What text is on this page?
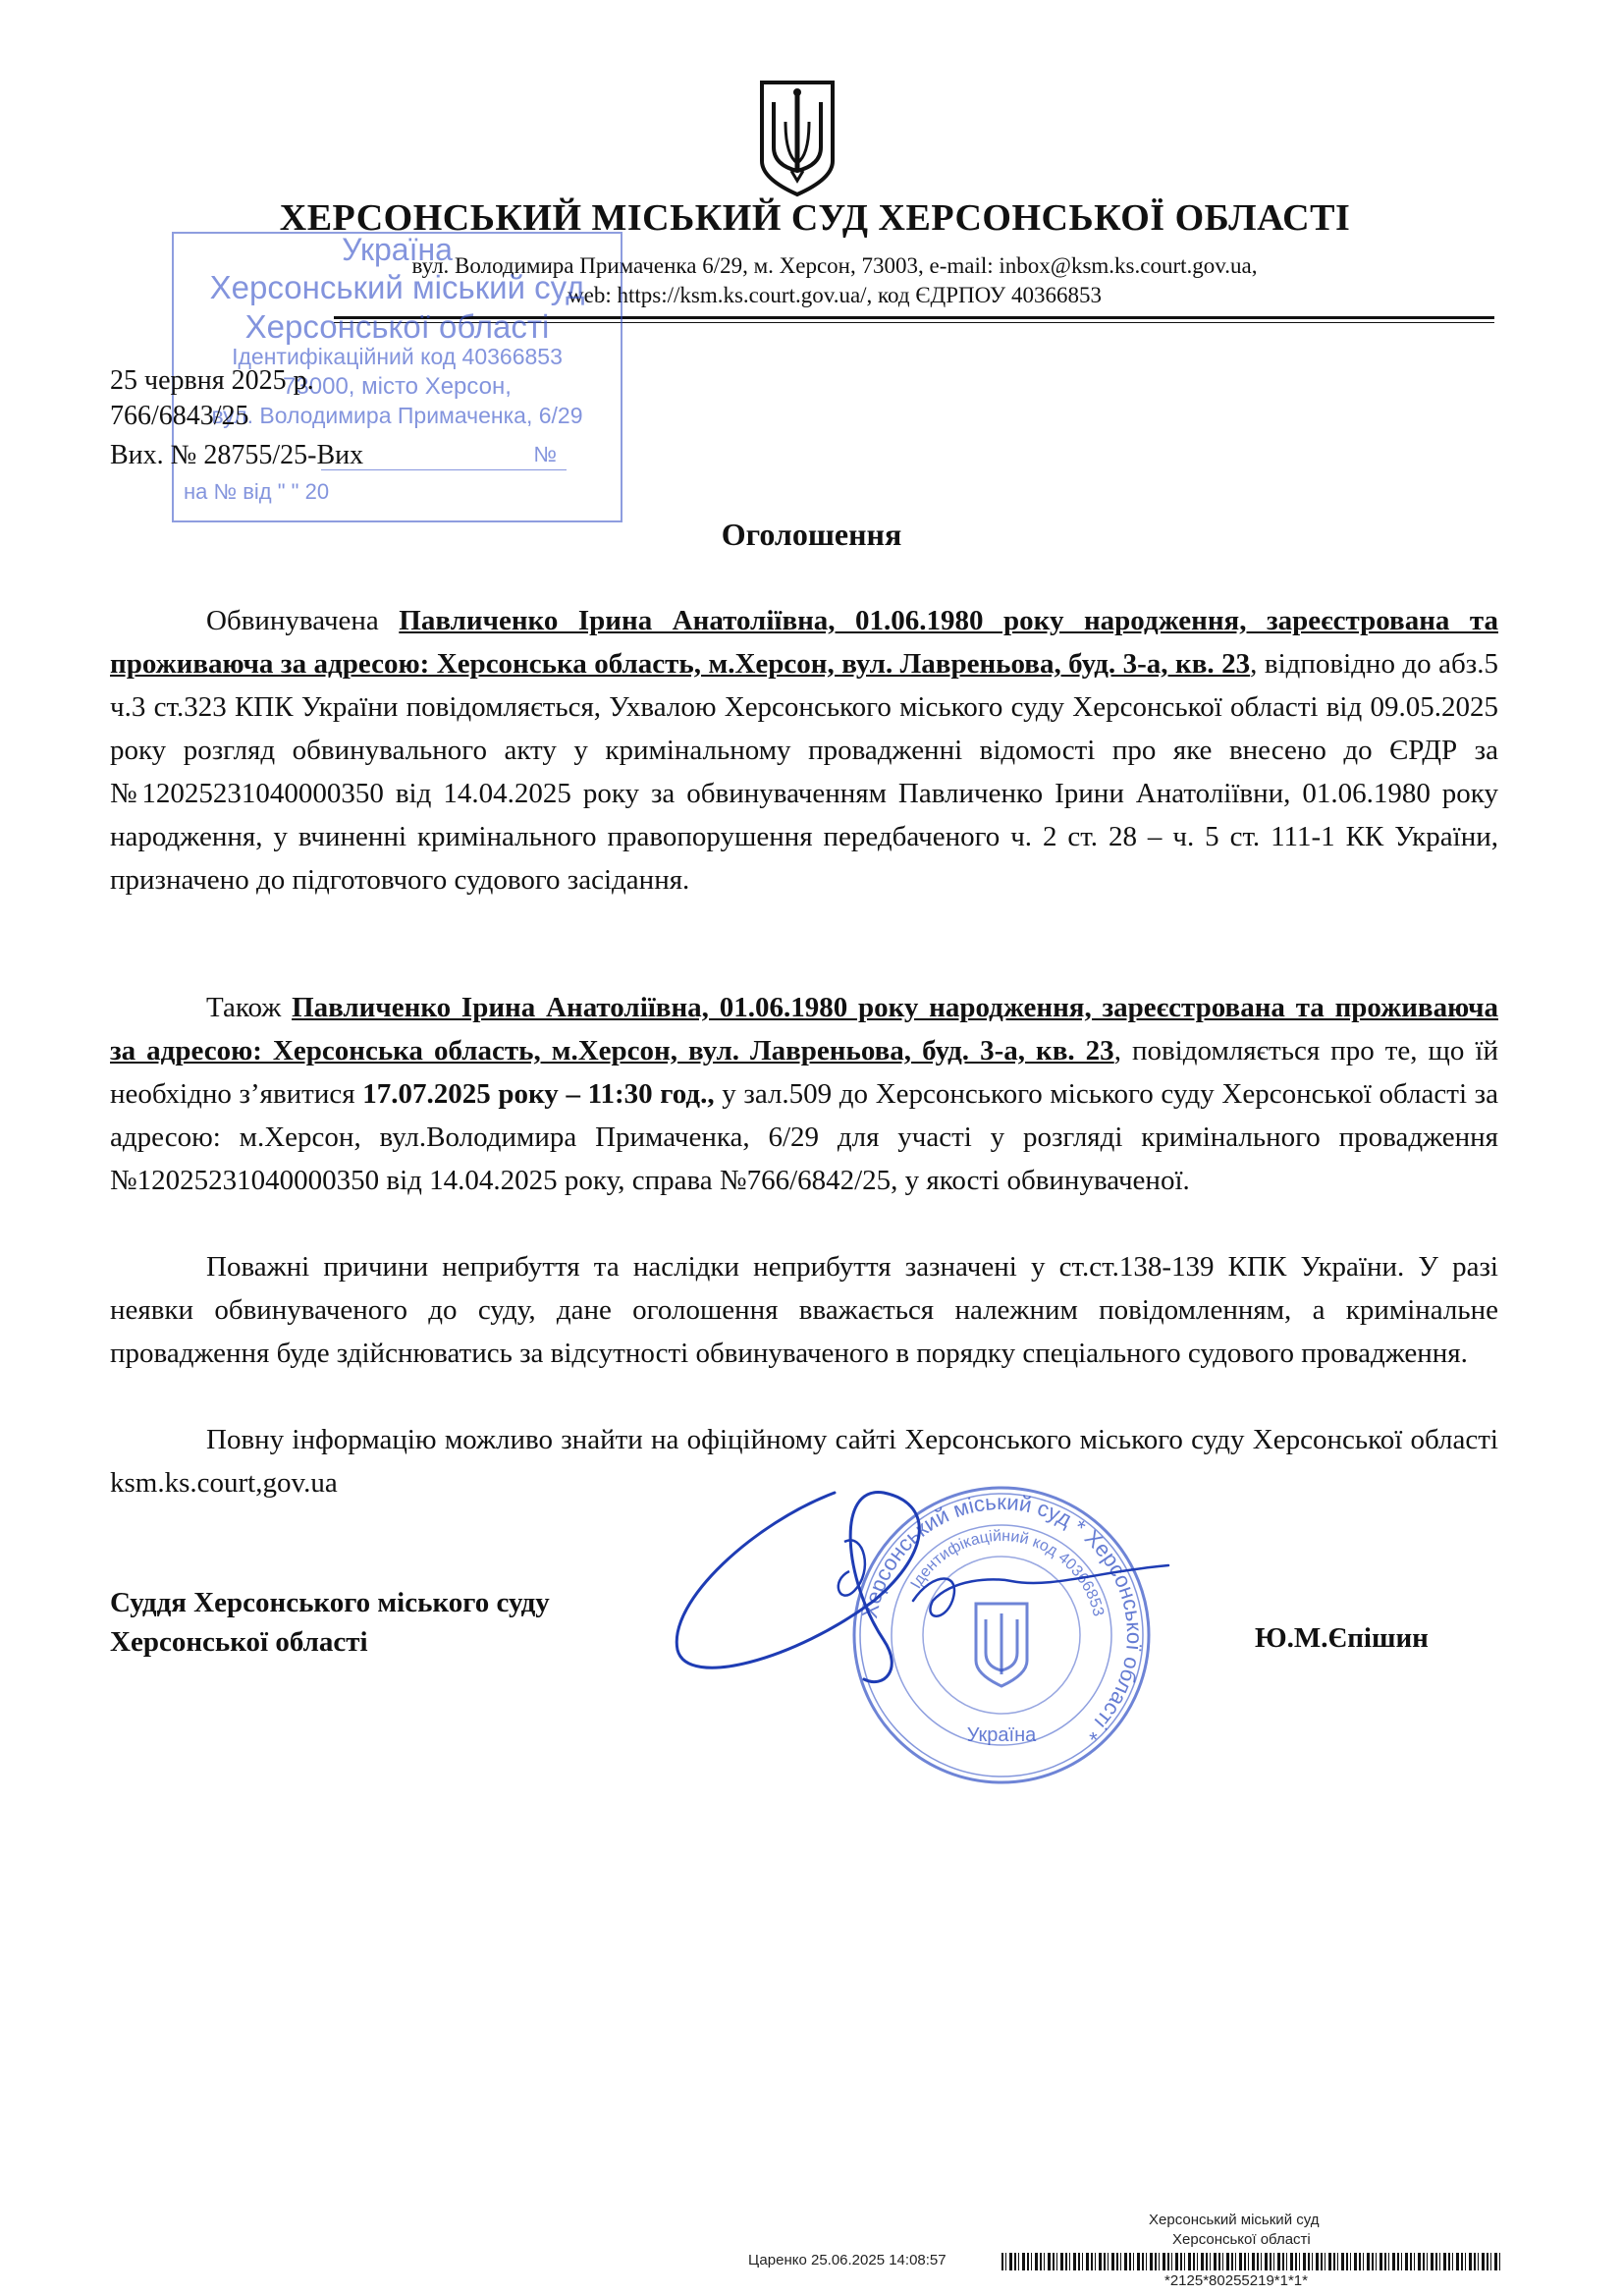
ХЕРСОНСЬКИЙ МІСЬКИЙ СУД ХЕРСОНСЬКОЇ ОБЛАСТІ
вул. Володимира Примаченка 6/29, м. Херсон, 73003, e-mail: inbox@ksm.ks.court.gov.ua,
web: https://ksm.ks.court.gov.ua/, код ЄДРПОУ 40366853
Україна
Херсонський міський суд
Херсонської області
Ідентифікаційний код 40366853
73000, місто Херсон,
вул. Володимира Примаченка, 6/29
№
на № від " " 20
25 червня 2025 р.
766/6843/25
Вих. № 28755/25-Вих
Оголошення
Обвинувачена Павличенко Ірина Анатоліївна, 01.06.1980 року народження, зареєстрована та проживаюча за адресою: Херсонська область, м.Херсон, вул. Лавреньова, буд. 3-а, кв. 23, відповідно до абз.5 ч.3 ст.323 КПК України повідомляється, Ухвалою Херсонського міського суду Херсонської області від 09.05.2025 року розгляд обвинувального акту у кримінальному провадженні відомості про яке внесено до ЄРДР за №12025231040000350 від 14.04.2025 року за обвинуваченням Павличенко Ірини Анатоліївни, 01.06.1980 року народження, у вчиненні кримінального правопорушення передбаченого ч. 2 ст. 28 – ч. 5 ст. 111-1 КК України, призначено до підготовчого судового засідання.
Також Павличенко Ірина Анатоліївна, 01.06.1980 року народження, зареєстрована та проживаюча за адресою: Херсонська область, м.Херсон, вул. Лавреньова, буд. 3-а, кв. 23, повідомляється про те, що їй необхідно з’явитися 17.07.2025 року – 11:30 год., у зал.509 до Херсонського міського суду Херсонської області за адресою: м.Херсон, вул.Володимира Примаченка, 6/29 для участі у розгляді кримінального провадження №12025231040000350 від 14.04.2025 року, справа №766/6842/25, у якості обвинуваченої.
Поважні причини неприбуття та наслідки неприбуття зазначені у ст.ст.138-139 КПК України. У разі неявки обвинуваченого до суду, дане оголошення вважається належним повідомленням, а кримінальне провадження буде здійснюватись за відсутності обвинуваченого в порядку спеціального судового провадження.
Повну інформацію можливо знайти на офіційному сайті Херсонського міського суду Херсонської області ksm.ks.court,gov.ua
Херсонський міський суд * Херсонської області *
Ідентифікаційний код 40366853
Україна
Суддя Херсонського міського суду
Херсонської області	Ю.М.Єпішин
Херсонський міський суд
Херсонської області
Царенко 25.06.2025 14:08:57
*2125*80255219*1*1*
